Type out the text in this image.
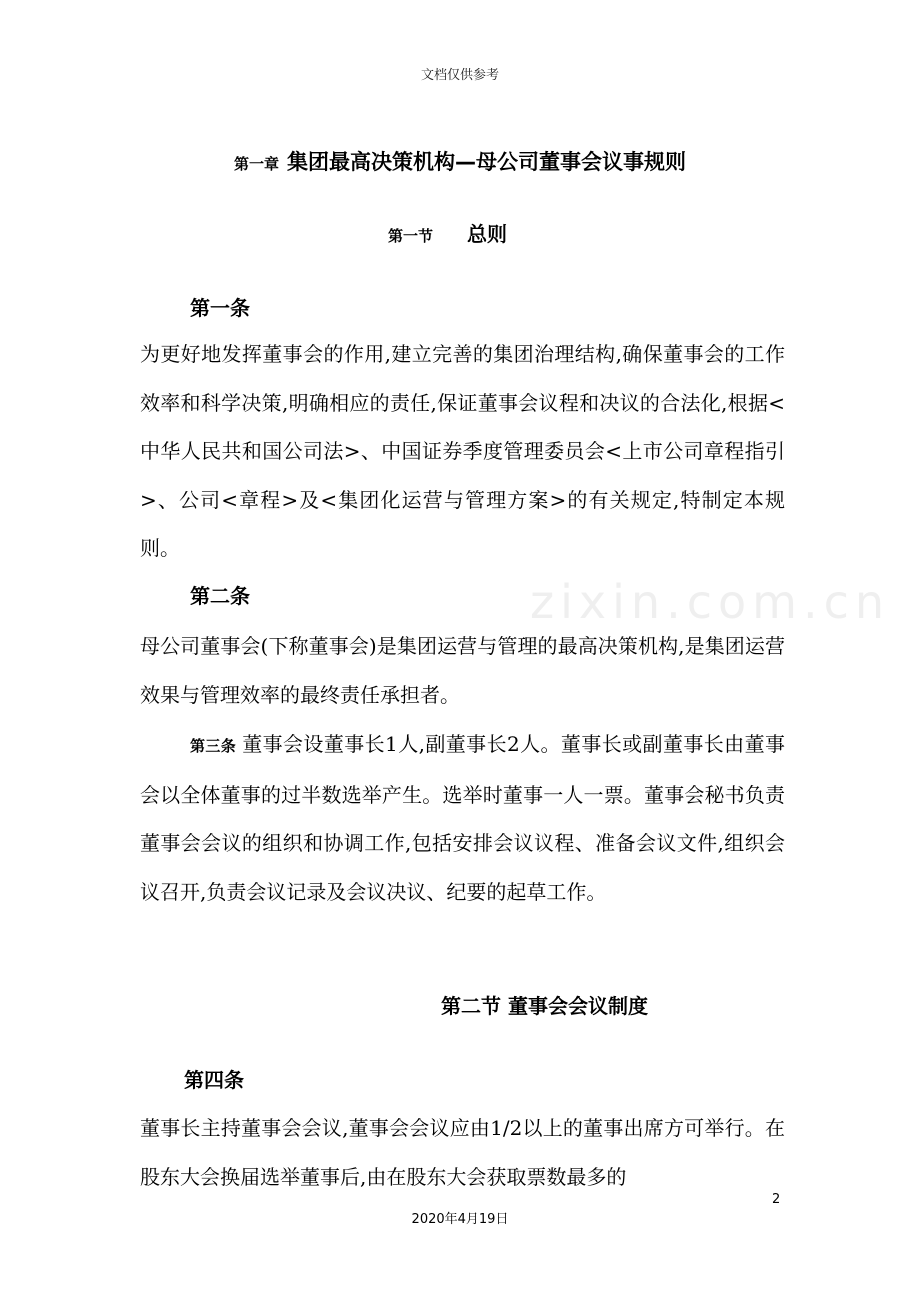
zixin.com.cn
文档仅供参考
第一章 集团最高决策机构—母公司董事会议事规则
第一节 总则
第一条
为更好地发挥董事会的作用,建立完善的集团治理结构,确保董事会的工作效率和科学决策,明确相应的责任,保证董事会议程和决议的合法化,根据<中华人民共和国公司法>、中国证券季度管理委员会<上市公司章程指引>、公司<章程>及<集团化运营与管理方案>的有关规定,特制定本规则。
第二条
母公司董事会(下称董事会)是集团运营与管理的最高决策机构,是集团运营效果与管理效率的最终责任承担者。
第三条 董事会设董事长1人,副董事长2人。董事长或副董事长由董事会以全体董事的过半数选举产生。选举时董事一人一票。董事会秘书负责董事会会议的组织和协调工作,包括安排会议议程、准备会议文件,组织会议召开,负责会议记录及会议决议、纪要的起草工作。
第二节 董事会会议制度
第四条
董事长主持董事会会议,董事会会议应由1/2以上的董事出席方可举行。在股东大会换届选举董事后,由在股东大会获取票数最多的
2
2020年4月19日
